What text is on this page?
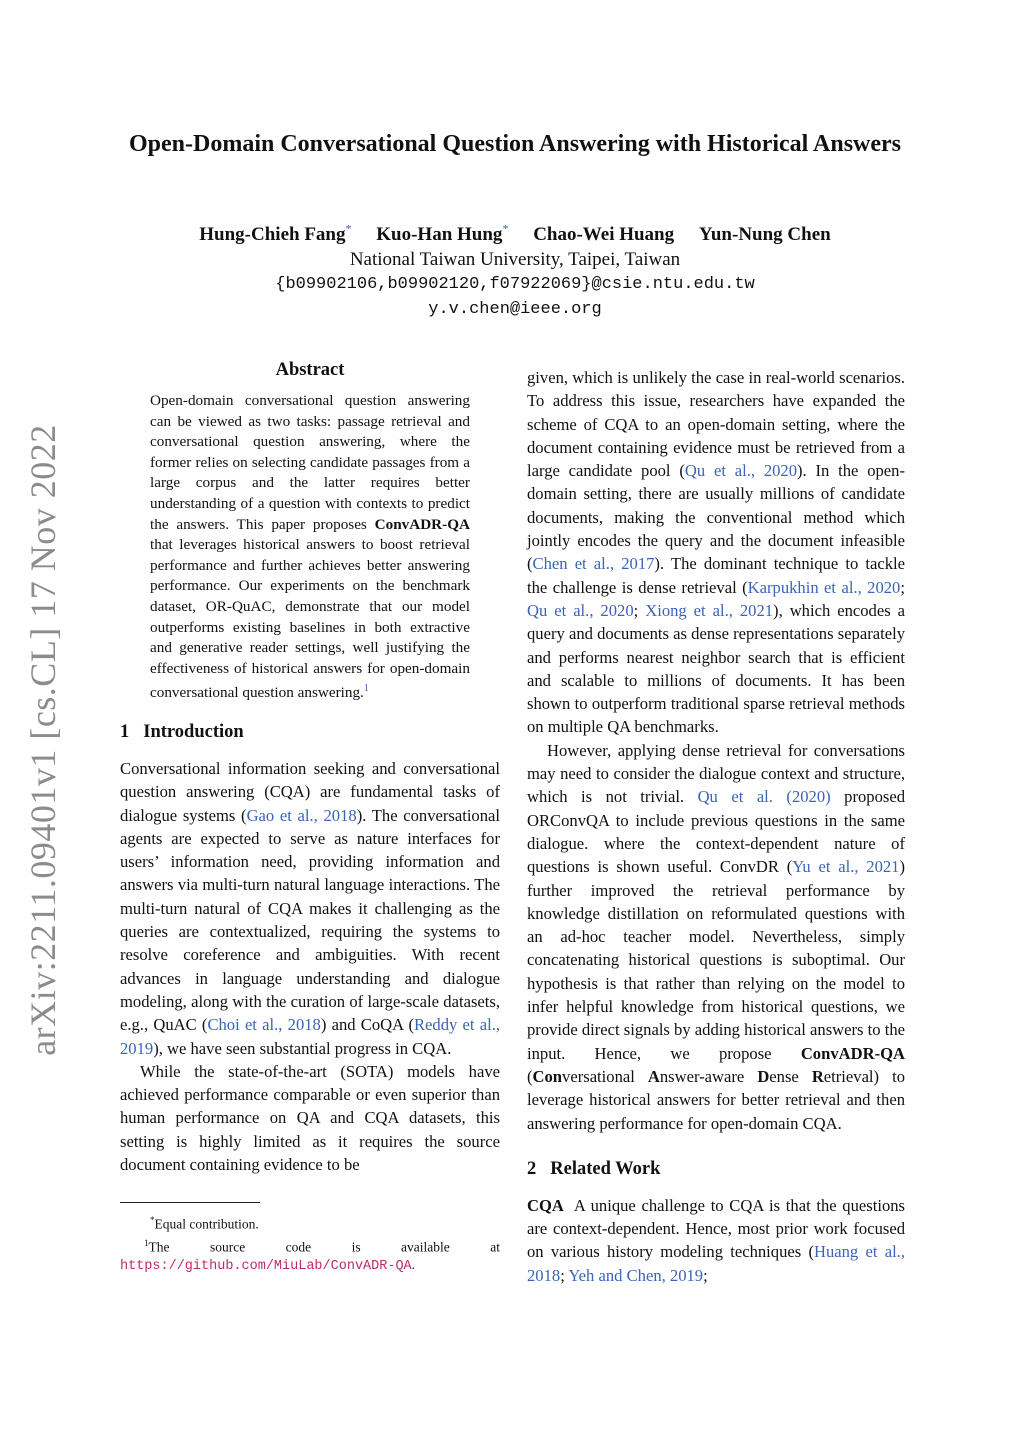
arXiv:2211.09401v1 [cs.CL] 17 Nov 2022
Open-Domain Conversational Question Answering with Historical Answers
Hung-Chieh Fang* Kuo-Han Hung* Chao-Wei Huang Yun-Nung Chen
National Taiwan University, Taipei, Taiwan
{b09902106,b09902120,f07922069}@csie.ntu.edu.tw
y.v.chen@ieee.org
Abstract
Open-domain conversational question answering can be viewed as two tasks: passage retrieval and conversational question answering, where the former relies on selecting candidate passages from a large corpus and the latter requires better understanding of a question with contexts to predict the answers. This paper proposes ConvADR-QA that leverages historical answers to boost retrieval performance and further achieves better answering performance. Our experiments on the benchmark dataset, OR-QuAC, demonstrate that our model outperforms existing baselines in both extractive and generative reader settings, well justifying the effectiveness of historical answers for open-domain conversational question answering.$^1$
1 Introduction

Conversational information seeking and conversational question answering (CQA) are fundamental tasks of dialogue systems (Gao et al., 2018). The conversational agents are expected to serve as nature interfaces for users’ information need, providing information and answers via multi-turn natural language interactions. The multi-turn natural of CQA makes it challenging as the queries are contextualized, requiring the systems to resolve coreference and ambiguities. With recent advances in language understanding and dialogue modeling, along with the curation of large-scale datasets, e.g., QuAC (Choi et al., 2018) and CoQA (Reddy et al., 2019), we have seen substantial progress in CQA.

While the state-of-the-art (SOTA) models have achieved performance comparable or even superior than human performance on QA and CQA datasets, this setting is highly limited as it requires the source document containing evidence to be

*Equal contribution.
$^1$The source code is available at https://github.com/MiuLab/ConvADR-QA.

given, which is unlikely the case in real-world scenarios. To address this issue, researchers have expanded the scheme of CQA to an open-domain setting, where the document containing evidence must be retrieved from a large candidate pool (Qu et al., 2020). In the open-domain setting, there are usually millions of candidate documents, making the conventional method which jointly encodes the query and the document infeasible (Chen et al., 2017). The dominant technique to tackle the challenge is dense retrieval (Karpukhin et al., 2020; Qu et al., 2020; Xiong et al., 2021), which encodes a query and documents as dense representations separately and performs nearest neighbor search that is efficient and scalable to millions of documents. It has been shown to outperform traditional sparse retrieval methods on multiple QA benchmarks.

However, applying dense retrieval for conversations may need to consider the dialogue context and structure, which is not trivial. Qu et al. (2020) proposed ORConvQA to include previous questions in the same dialogue. where the context-dependent nature of questions is shown useful. ConvDR (Yu et al., 2021) further improved the retrieval performance by knowledge distillation on reformulated questions with an ad-hoc teacher model. Nevertheless, simply concatenating historical questions is suboptimal. Our hypothesis is that rather than relying on the model to infer helpful knowledge from historical questions, we provide direct signals by adding historical answers to the input. Hence, we propose ConvADR-QA (Conversational Answer-aware Dense Retrieval) to leverage historical answers for better retrieval and then answering performance for open-domain CQA.

2 Related Work

CQA A unique challenge to CQA is that the questions are context-dependent. Hence, most prior work focused on various history modeling techniques (Huang et al., 2018; Yeh and Chen, 2019;
